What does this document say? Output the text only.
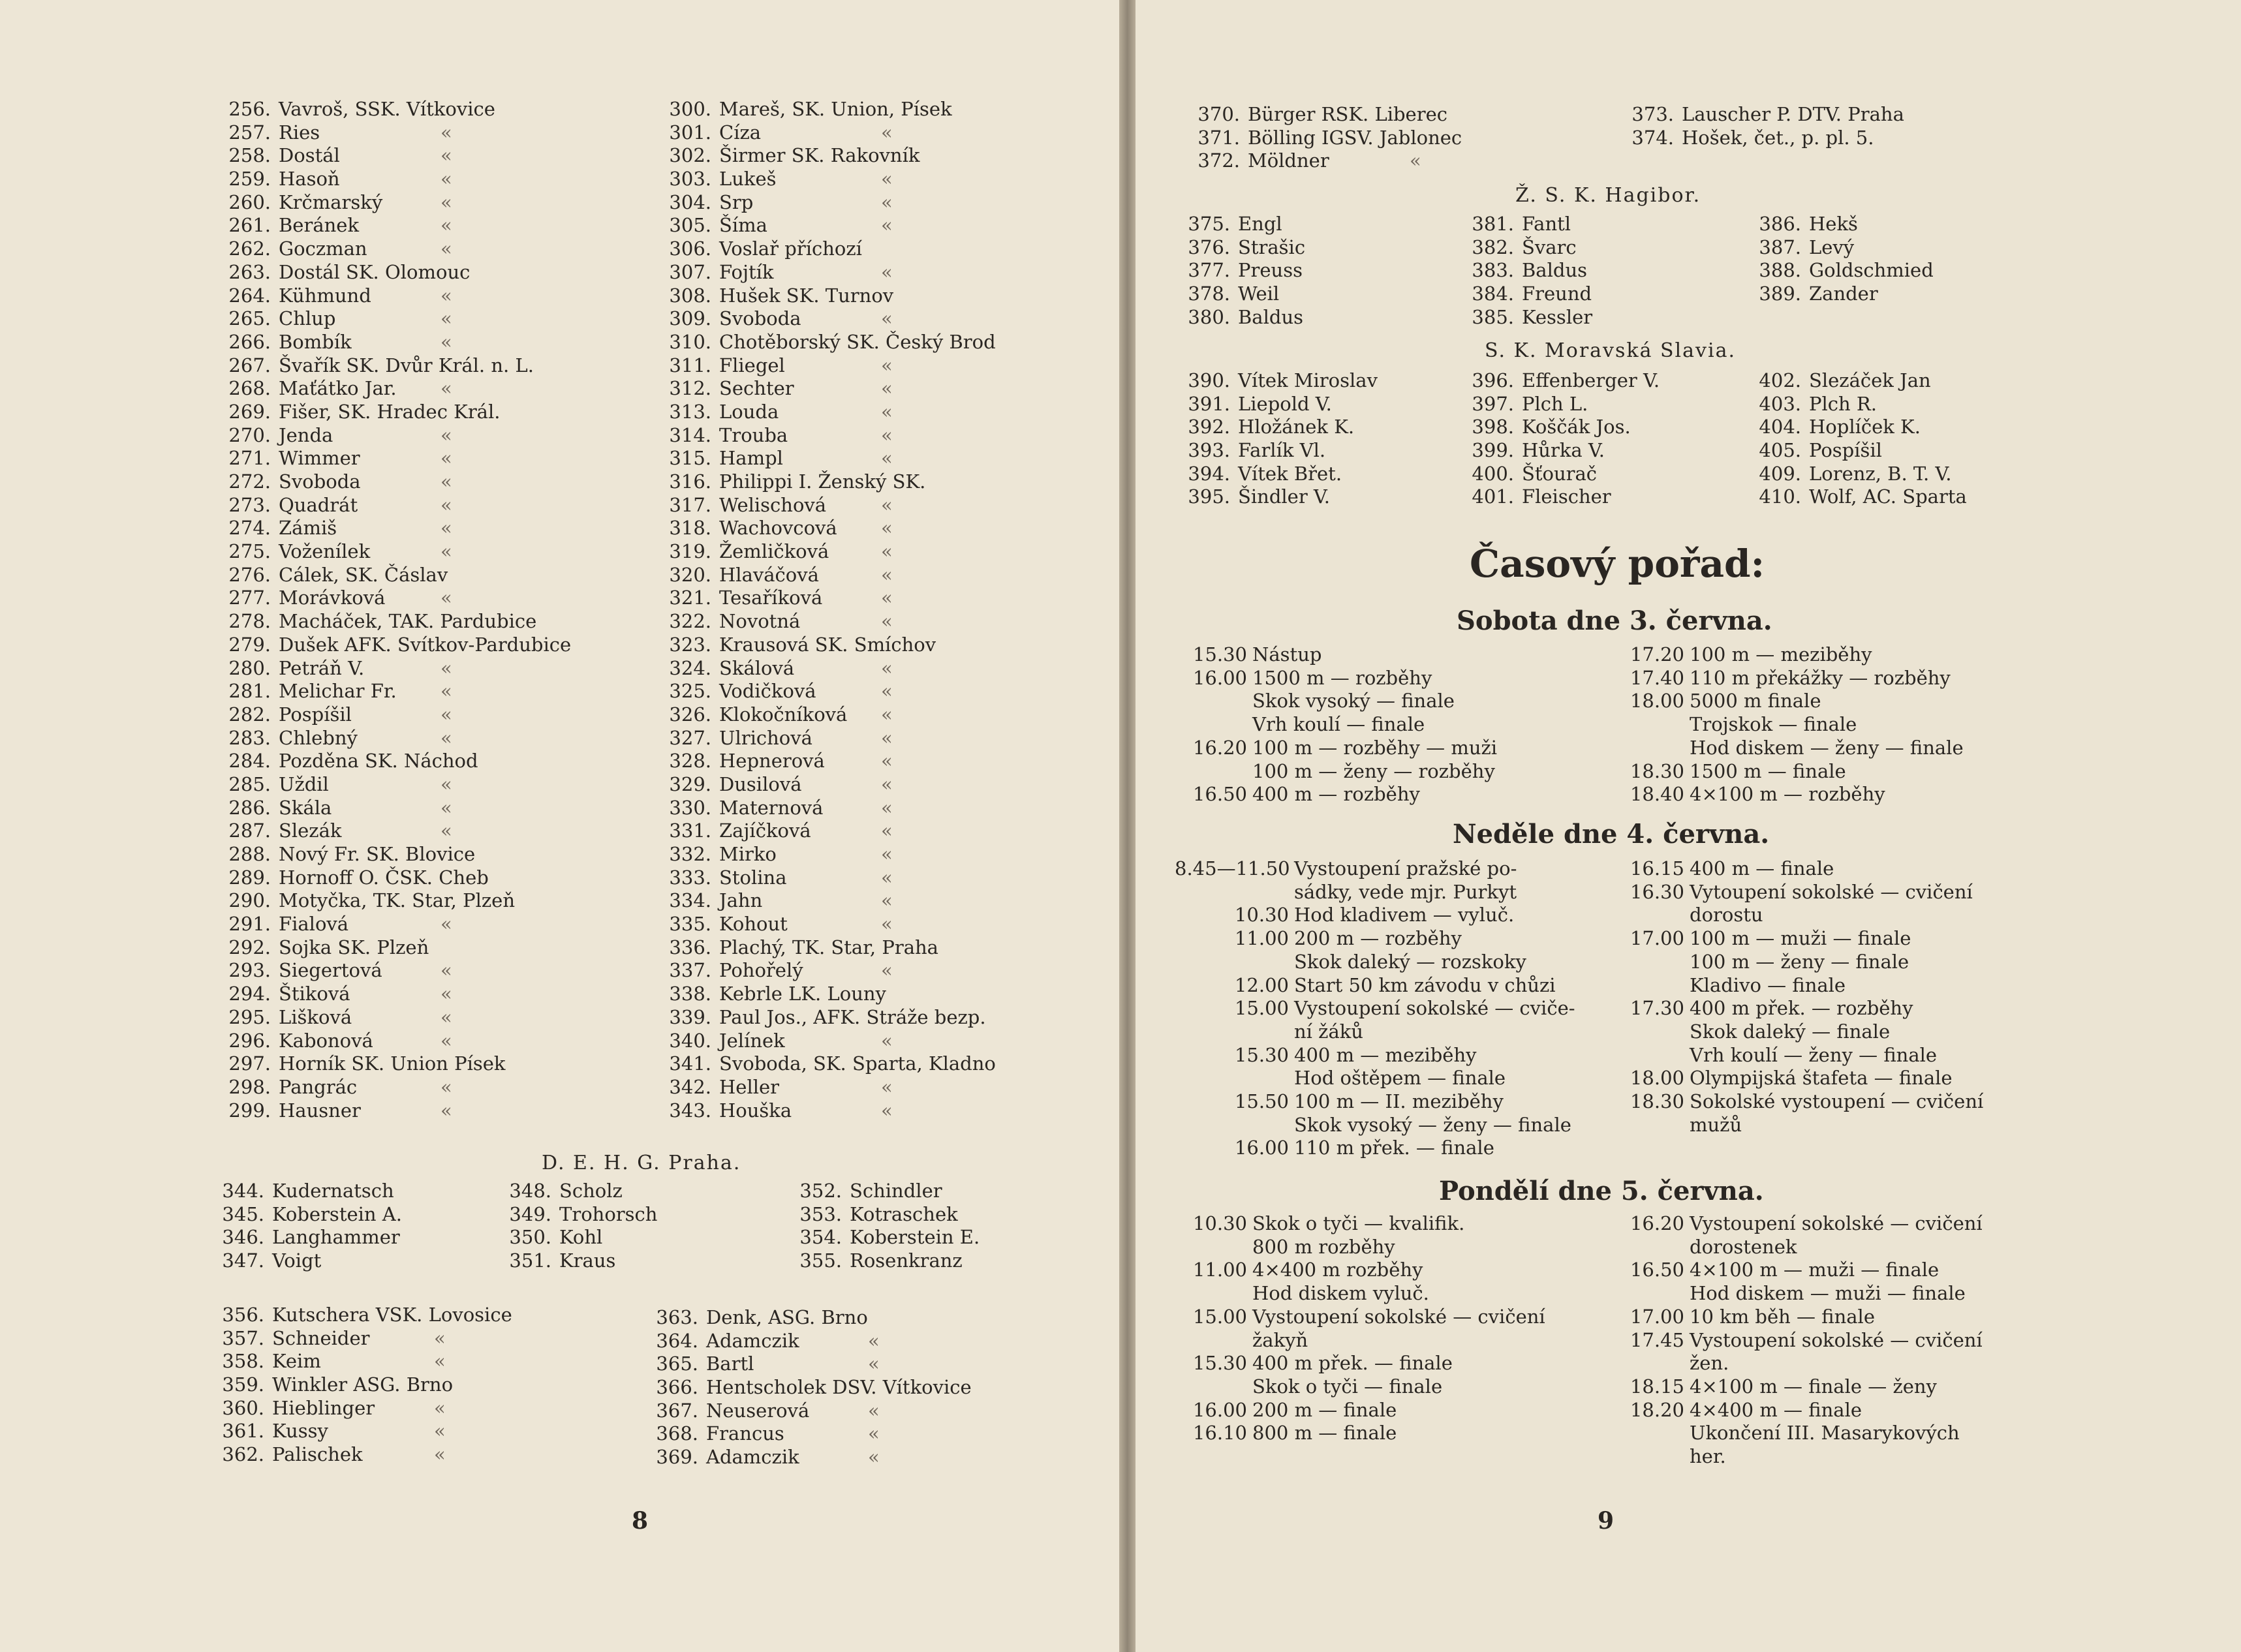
256. Vavroš, SSK. Vítkovice
257. Ries	«
258. Dostál	«
259. Hasoň	«
260. Krčmarský	«
261. Beránek	«
262. Goczman	«
263. Dostál SK. Olomouc
264. Kühmund	«
265. Chlup	«
266. Bombík	«
267. Švařík SK. Dvůr Král. n. L.
268. Maťátko Jar. «
269. Fišer, SK. Hradec Král.
270. Jenda	«
271. Wimmer	«
272. Svoboda	«
273. Quadrát	«
274. Zámiš	«
275. Voženílek	«
276. Cálek, SK. Čáslav
277. Morávková	«
278. Macháček, TAK. Pardubice
279. Dušek AFK. Svítkov-Pardubice
280. Petráň V.	«
281. Melichar Fr. «
282. Pospíšil	«
283. Chlebný	«
284. Pozděna SK. Náchod
285. Uždil	«
286. Skála	«
287. Slezák	«
288. Nový Fr. SK. Blovice
289. Hornoff O. ČSK. Cheb
290. Motyčka, TK. Star, Plzeň
291. Fialová	«
292. Sojka SK. Plzeň
293. Siegertová	«
294. Štiková	«
295. Lišková	«
296. Kabonová	«
297. Horník SK. Union Písek
298. Pangrác	«
299. Hausner	«
300. Mareš, SK. Union, Písek
301. Cíza	«
302. Širmer SK. Rakovník
303. Lukeš	«
304. Srp	«
305. Šíma	«
306. Voslař příchozí
307. Fojtík	«
308. Hušek SK. Turnov
309. Svoboda	«
310. Chotěborský SK. Český Brod
311. Fliegel	«
312. Sechter	«
313. Louda	«
314. Trouba	«
315. Hampl	«
316. Philippi I. Ženský SK.
317. Welischová	«
318. Wachovcová «
319. Žemličková	«
320. Hlaváčová	«
321. Tesaříková	«
322. Novotná	«
323. Krausová SK. Smíchov
324. Skálová	«
325. Vodičková	«
326. Klokočníková «
327. Ulrichová	«
328. Hepnerová	«
329. Dusilová	«
330. Maternová	«
331. Zajíčková	«
332. Mirko	«
333. Stolina	«
334. Jahn	«
335. Kohout	«
336. Plachý, TK. Star, Praha
337. Pohořelý	«
338. Kebrle LK. Louny
339. Paul Jos., AFK. Stráže bezp.
340. Jelínek	«
341. Svoboda, SK. Sparta, Kladno
342. Heller	«
343. Houška	«
D. E. H. G. Praha.
344. Kudernatsch
345. Koberstein A.
346. Langhammer
347. Voigt
348. Scholz
349. Trohorsch
350. Kohl
351. Kraus
352. Schindler
353. Kotraschek
354. Koberstein E.
355. Rosenkranz
356. Kutschera VSK. Lovosice
357. Schneider	«
358. Keim	«
359. Winkler ASG. Brno
360. Hieblinger	«
361. Kussy	«
362. Palischek	«
363. Denk, ASG. Brno
364. Adamczik	«
365. Bartl	«
366. Hentscholek DSV. Vítkovice
367. Neuserová	«
368. Francus	«
369. Adamczik	«
8
370. Bürger RSK. Liberec
371. Bölling IGSV. Jablonec
372. Möldner	«
373. Lauscher P. DTV. Praha
374. Hošek, čet., p. pl. 5.
Ž. S. K. Hagibor.
375. Engl
376. Strašic
377. Preuss
378. Weil
380. Baldus
381. Fantl
382. Švarc
383. Baldus
384. Freund
385. Kessler
386. Hekš
387. Levý
388. Goldschmied
389. Zander
S. K. Moravská Slavia.
390. Vítek Miroslav
391. Liepold V.
392. Hložánek K.
393. Farlík Vl.
394. Vítek Břet.
395. Šindler V.
396. Effenberger V.
397. Plch L.
398. Koščák Jos.
399. Hůrka V.
400. Šťourač
401. Fleischer
402. Slezáček Jan
403. Plch R.
404. Hoplíček K.
405. Pospíšil
409. Lorenz, B. T. V.
410. Wolf, AC. Sparta
Časový pořad:
Sobota dne 3. června.
15.30 Nástup
16.00 1500 m — rozběhy
Skok vysoký — finale
Vrh koulí — finale
16.20 100 m — rozběhy — muži
100 m — ženy — rozběhy
16.50 400 m — rozběhy
17.20 100 m — meziběhy
17.40 110 m překážky — rozběhy
18.00 5000 m finale
Trojskok — finale
Hod diskem — ženy — finale
18.30 1500 m — finale
18.40 4×100 m — rozběhy
Neděle dne 4. června.
8.45—11.50 Vystoupení pražské po-
sádky, vede mjr. Purkyt
10.30 Hod kladivem — vyluč.
11.00 200 m — rozběhy
Skok daleký — rozskoky
12.00 Start 50 km závodu v chůzi
15.00 Vystoupení sokolské — cviče-
ní žáků
15.30 400 m — meziběhy
Hod oštěpem — finale
15.50 100 m — II. meziběhy
Skok vysoký — ženy — finale
16.00 110 m přek. — finale
16.15 400 m — finale
16.30 Vytoupení sokolské — cvičení
dorostu
17.00 100 m — muži — finale
100 m — ženy — finale
Kladivo — finale
17.30 400 m přek. — rozběhy
Skok daleký — finale
Vrh koulí — ženy — finale
18.00 Olympijská štafeta — finale
18.30 Sokolské vystoupení — cvičení
mužů
Pondělí dne 5. června.
10.30 Skok o tyči — kvalifik.
800 m rozběhy
11.00 4×400 m rozběhy
Hod diskem vyluč.
15.00 Vystoupení sokolské — cvičení
žakyň
15.30 400 m přek. — finale
Skok o tyči — finale
16.00 200 m — finale
16.10 800 m — finale
16.20 Vystoupení sokolské — cvičení
dorostenek
16.50 4×100 m — muži — finale
Hod diskem — muži — finale
17.00 10 km běh — finale
17.45 Vystoupení sokolské — cvičení
žen.
18.15 4×100 m — finale — ženy
18.20 4×400 m — finale
Ukončení III. Masarykových
her.
9
